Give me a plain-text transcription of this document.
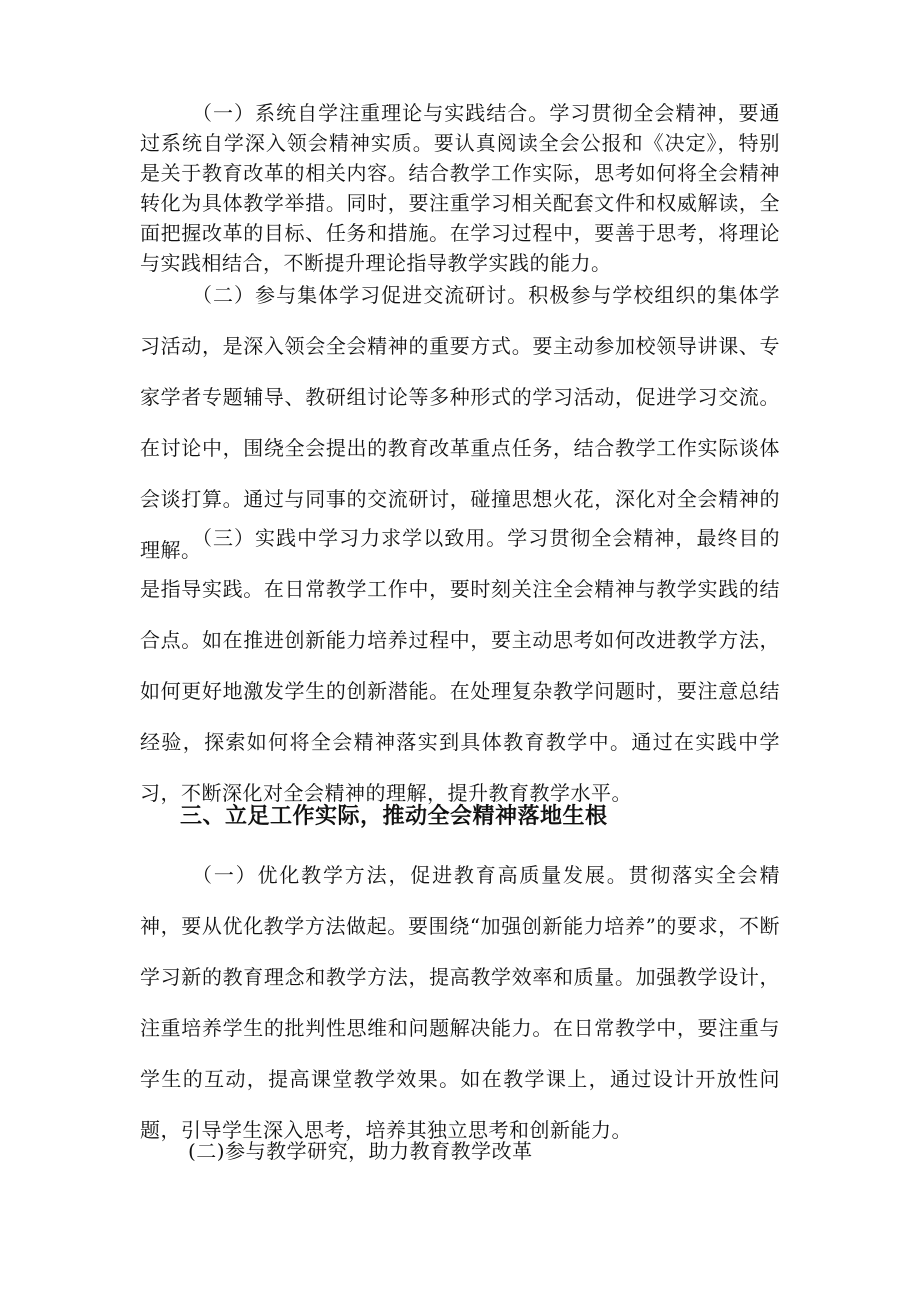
（一）系统自学注重理论与实践结合。学习贯彻全会精神，要通过系统自学深入领会精神实质。要认真阅读全会公报和《决定》，特别是关于教育改革的相关内容。结合教学工作实际，思考如何将全会精神转化为具体教学举措。同时，要注重学习相关配套文件和权威解读，全面把握改革的目标、任务和措施。在学习过程中，要善于思考，将理论与实践相结合，不断提升理论指导教学实践的能力。

（二）参与集体学习促进交流研讨。积极参与学校组织的集体学习活动，是深入领会全会精神的重要方式。要主动参加校领导讲课、专家学者专题辅导、教研组讨论等多种形式的学习活动，促进学习交流。在讨论中，围绕全会提出的教育改革重点任务，结合教学工作实际谈体会谈打算。通过与同事的交流研讨，碰撞思想火花，深化对全会精神的理解。

（三）实践中学习力求学以致用。学习贯彻全会精神，最终目的是指导实践。在日常教学工作中，要时刻关注全会精神与教学实践的结合点。如在推进创新能力培养过程中，要主动思考如何改进教学方法，如何更好地激发学生的创新潜能。在处理复杂教学问题时，要注意总结经验，探索如何将全会精神落实到具体教育教学中。通过在实践中学习，不断深化对全会精神的理解，提升教育教学水平。

三、立足工作实际，推动全会精神落地生根

（一）优化教学方法，促进教育高质量发展。贯彻落实全会精神，要从优化教学方法做起。要围绕“加强创新能力培养”的要求，不断学习新的教育理念和教学方法，提高教学效率和质量。加强教学设计，注重培养学生的批判性思维和问题解决能力。在日常教学中，要注重与学生的互动，提高课堂教学效果。如在教学课上，通过设计开放性问题，引导学生深入思考，培养其独立思考和创新能力。

(二)参与教学研究，助力教育教学改革
